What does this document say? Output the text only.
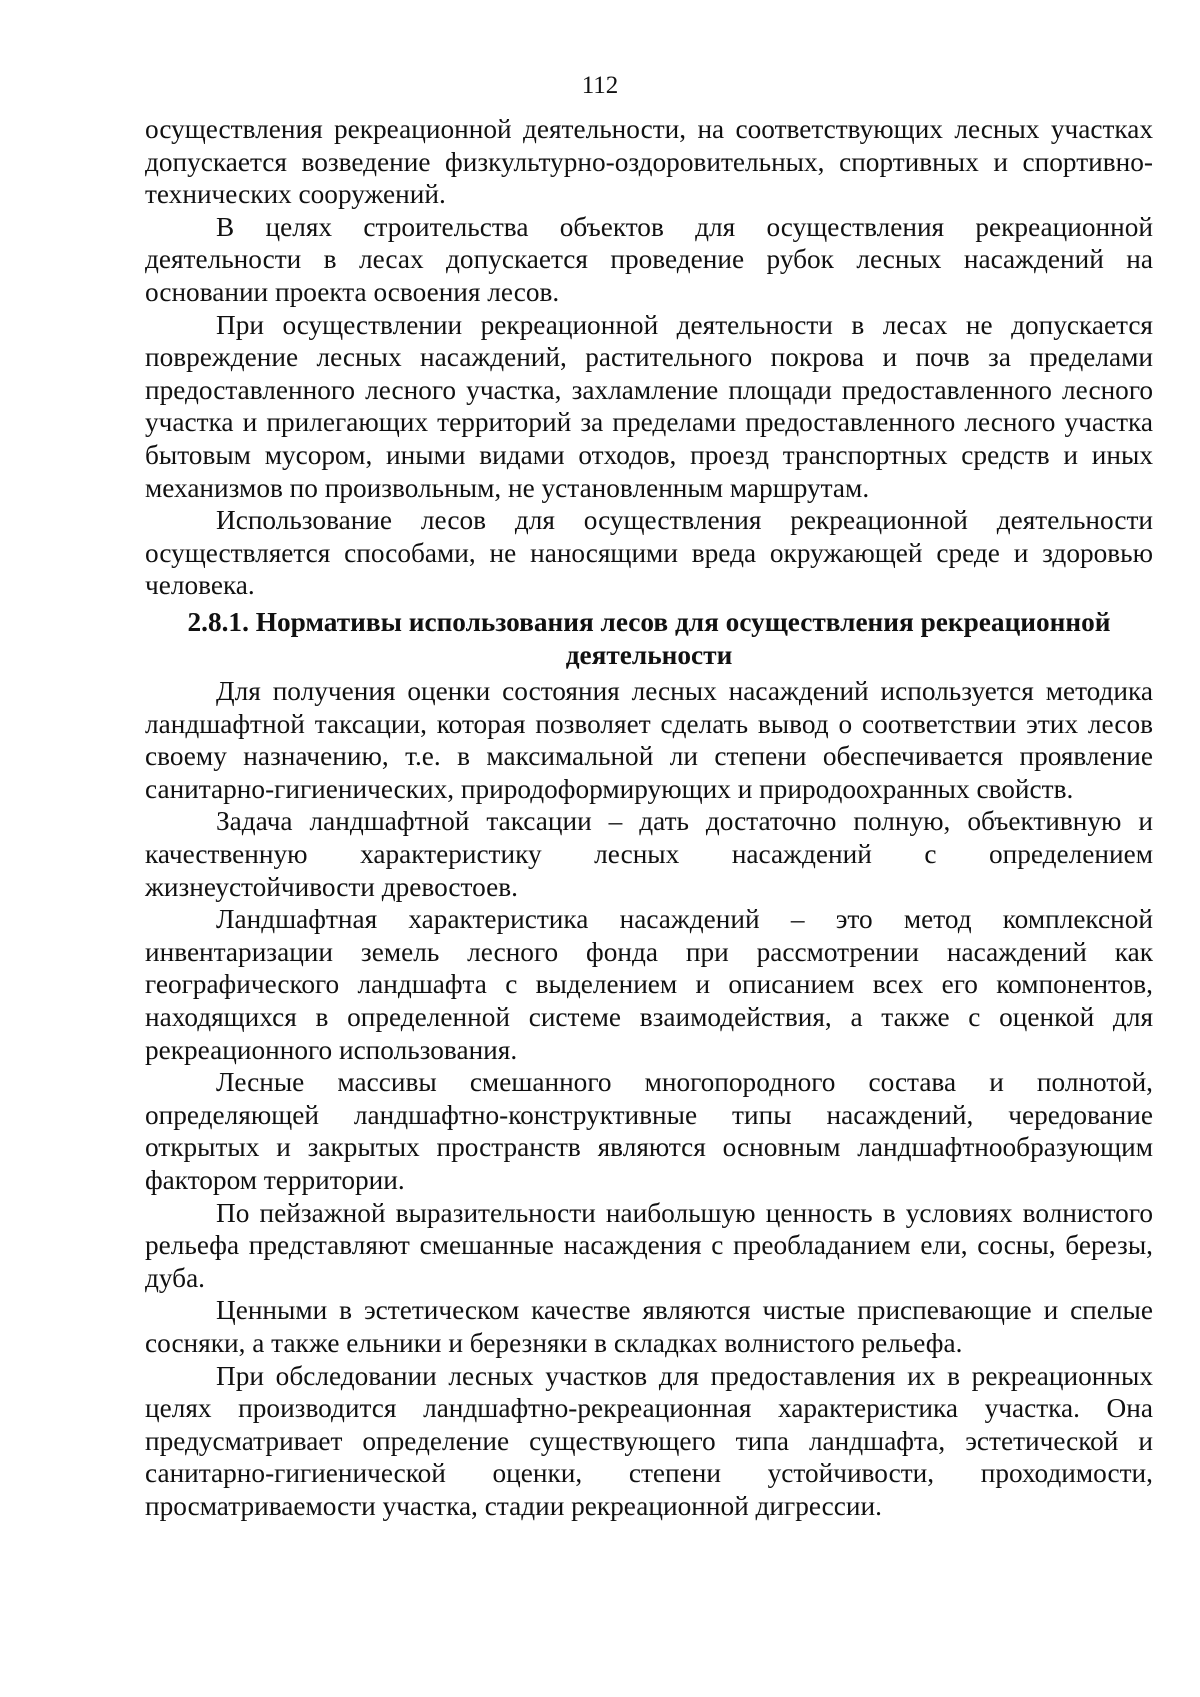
112

осуществления рекреационной деятельности, на соответствующих лесных участках допускается возведение физкультурно-оздоровительных, спортивных и спортивно-технических сооружений.

В целях строительства объектов для осуществления рекреационной деятельности в лесах допускается проведение рубок лесных насаждений на основании проекта освоения лесов.

При осуществлении рекреационной деятельности в лесах не допускается повреждение лесных насаждений, растительного покрова и почв за пределами предоставленного лесного участка, захламление площади предоставленного лесного участка и прилегающих территорий за пределами предоставленного лесного участка бытовым мусором, иными видами отходов, проезд транспортных средств и иных механизмов по произвольным, не установленным маршрутам.

Использование лесов для осуществления рекреационной деятельности осуществляется способами, не наносящими вреда окружающей среде и здоровью человека.

2.8.1. Нормативы использования лесов для осуществления рекреационной деятельности

Для получения оценки состояния лесных насаждений используется методика ландшафтной таксации, которая позволяет сделать вывод о соответствии этих лесов своему назначению, т.е. в максимальной ли степени обеспечивается проявление санитарно-гигиенических, природоформирующих и природоохранных свойств.

Задача ландшафтной таксации – дать достаточно полную, объективную и качественную характеристику лесных насаждений с определением жизнеустойчивости древостоев.

Ландшафтная характеристика насаждений – это метод комплексной инвентаризации земель лесного фонда при рассмотрении насаждений как географического ландшафта с выделением и описанием всех его компонентов, находящихся в определенной системе взаимодействия, а также с оценкой для рекреационного использования.

Лесные массивы смешанного многопородного состава и полнотой, определяющей ландшафтно-конструктивные типы насаждений, чередование открытых и закрытых пространств являются основным ландшафтнообразующим фактором территории.

По пейзажной выразительности наибольшую ценность в условиях волнистого рельефа представляют смешанные насаждения с преобладанием ели, сосны, березы, дуба.

Ценными в эстетическом качестве являются чистые приспевающие и спелые сосняки, а также ельники и березняки в складках волнистого рельефа.

При обследовании лесных участков для предоставления их в рекреационных целях производится ландшафтно-рекреационная характеристика участка. Она предусматривает определение существующего типа ландшафта, эстетической и санитарно-гигиенической оценки, степени устойчивости, проходимости, просматриваемости участка, стадии рекреационной дигрессии.
